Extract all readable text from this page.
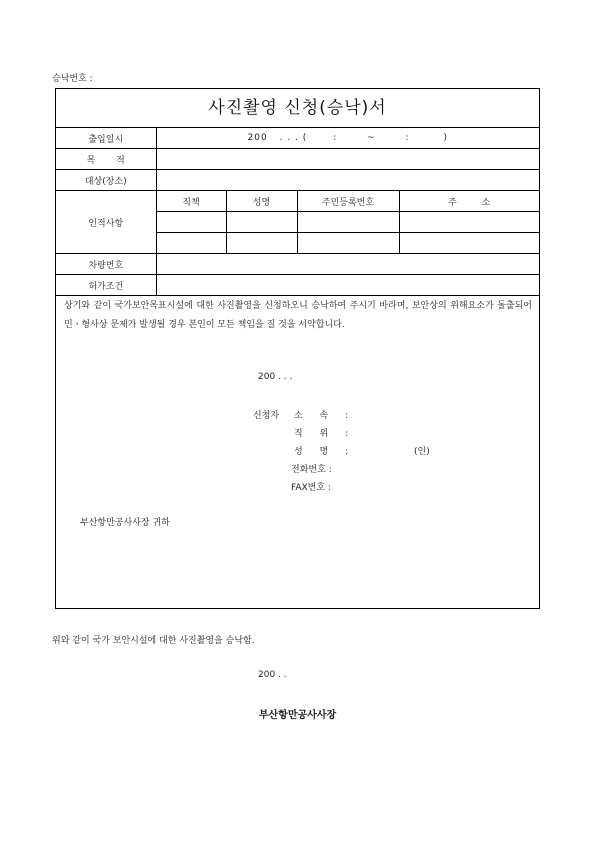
승낙번호 :
사진촬영 신청(승낙)서
출입일시	200 . . . ( : ~ : )			
목 적				
대상(장소)				
인적사항	직책	성명	주민등록번호	주 소

차량번호				
허가조건				
상기와 같이 국가보안목표시설에 대한 사진촬영을 신청하오니 승낙하여 주시기 바라며, 보안상의 위해요소가 돌출되어 민ㆍ형사상 문제가 발생될 경우 본인이 모든 책임을 질 것을 서약합니다.
200 . . .
신청자 소 속 :
직 위 :
성 명 :	(인)
전화번호 :
FAX번호 :
부산항만공사사장 귀하
위와 같이 국가 보안시설에 대한 사진촬영을 승낙함.
200 . .
부산항만공사사장
